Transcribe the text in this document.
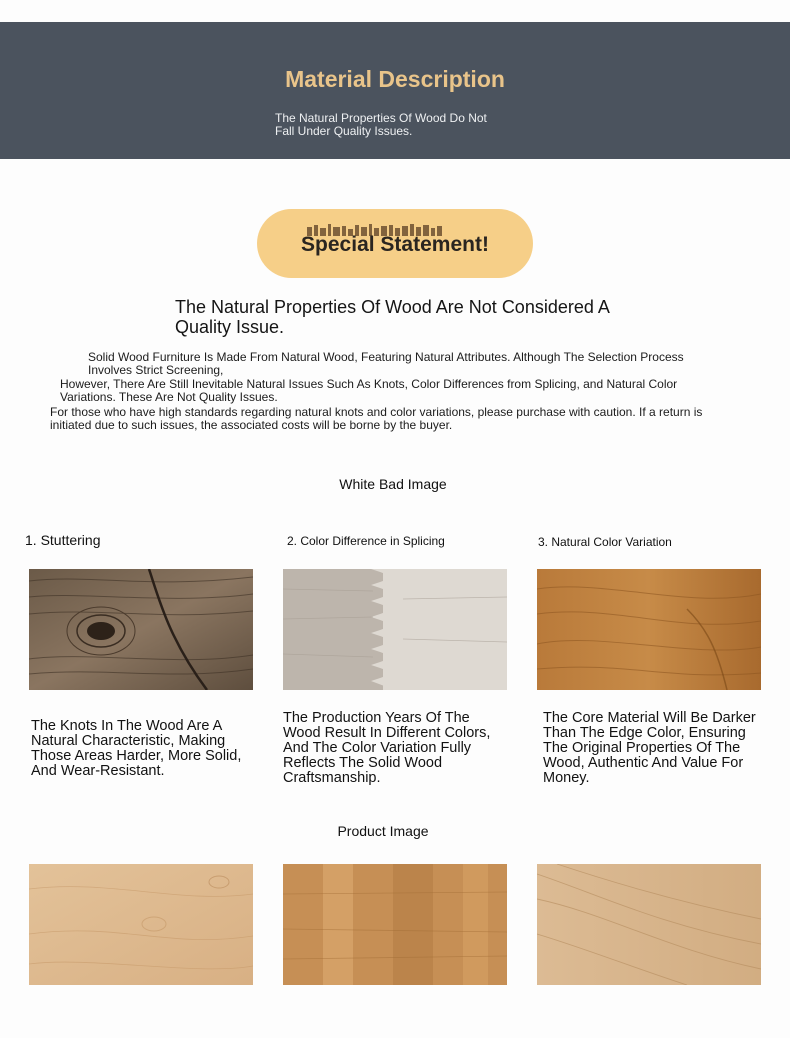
Material Description
The Natural Properties Of Wood Do Not Fall Under Quality Issues.
Special Statement!
The Natural Properties Of Wood Are Not Considered A Quality Issue.
Solid Wood Furniture Is Made From Natural Wood, Featuring Natural Attributes. Although The Selection Process Involves Strict Screening,
However, There Are Still Inevitable Natural Issues Such As Knots, Color Differences from Splicing, and Natural Color Variations. These Are Not Quality Issues.
For those who have high standards regarding natural knots and color variations, please purchase with caution. If a return is initiated due to such issues, the associated costs will be borne by the buyer.
White Bad Image
1. Stuttering	2. Color Difference in Splicing	3. Natural Color Variation
The Knots In The Wood Are A Natural Characteristic, Making Those Areas Harder, More Solid, And Wear-Resistant.
The Production Years Of The Wood Result In Different Colors, And The Color Variation Fully Reflects The Solid Wood Craftsmanship.
The Core Material Will Be Darker Than The Edge Color, Ensuring The Original Properties Of The Wood, Authentic And Value For Money.
Product Image
